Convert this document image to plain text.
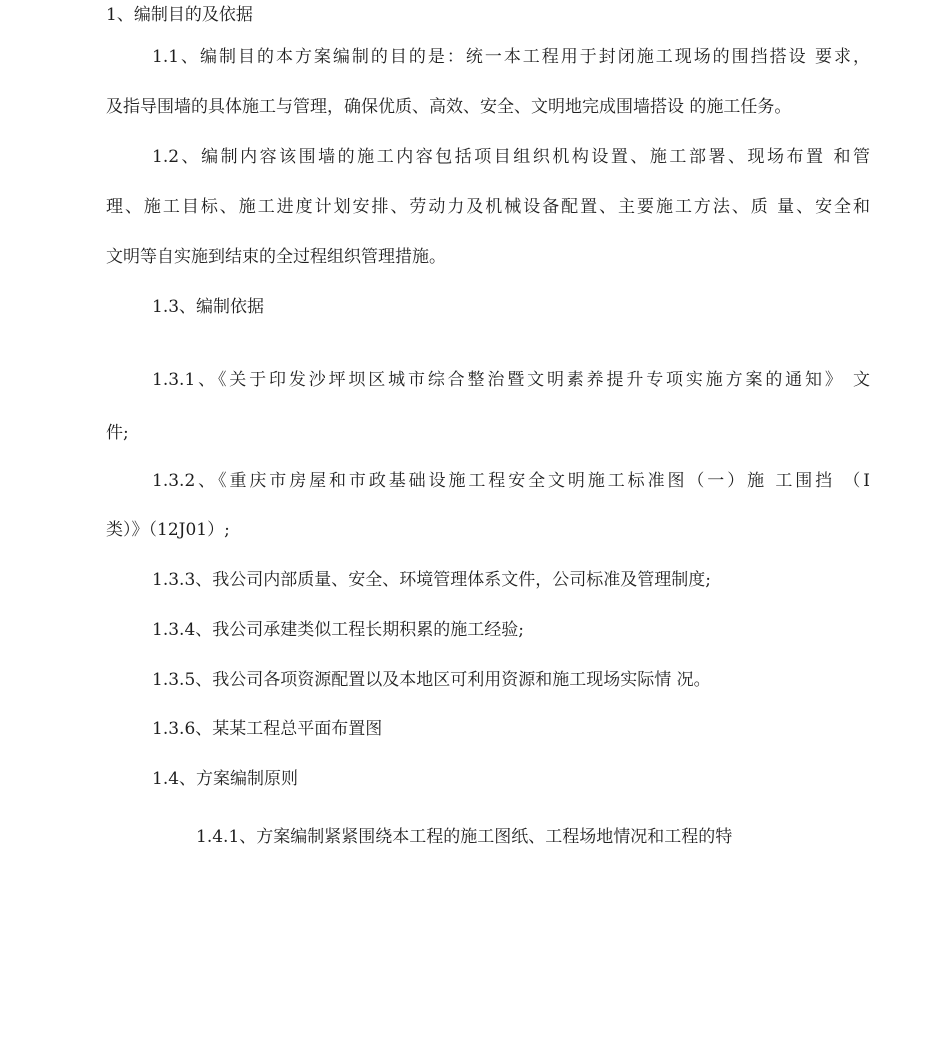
1、编制目的及依据
1.1、编制目的本方案编制的目的是：统一本工程用于封闭施工现场的围挡搭设 要求，
及指导围墙的具体施工与管理，确保优质、高效、安全、文明地完成围墙搭设 的施工任务。
1.2、编制内容该围墙的施工内容包括项目组织机构设置、施工部署、现场布置 和管
理、施工目标、施工进度计划安排、劳动力及机械设备配置、主要施工方法、质 量、安全和
文明等自实施到结束的全过程组织管理措施。
1.3、编制依据
1.3.1、《关于印发沙坪坝区城市综合整治暨文明素养提升专项实施方案的通知》 文
件;
1.3.2、《重庆市房屋和市政基础设施工程安全文明施工标准图（一）施 工围挡 （I
类）》（12J01）;
1.3.3、我公司内部质量、安全、环境管理体系文件，公司标准及管理制度;
1.3.4、我公司承建类似工程长期积累的施工经验;
1.3.5、我公司各项资源配置以及本地区可利用资源和施工现场实际情 况。
1.3.6、某某工程总平面布置图
1.4、方案编制原则
1.4.1、方案编制紧紧围绕本工程的施工图纸、工程场地情况和工程的特
